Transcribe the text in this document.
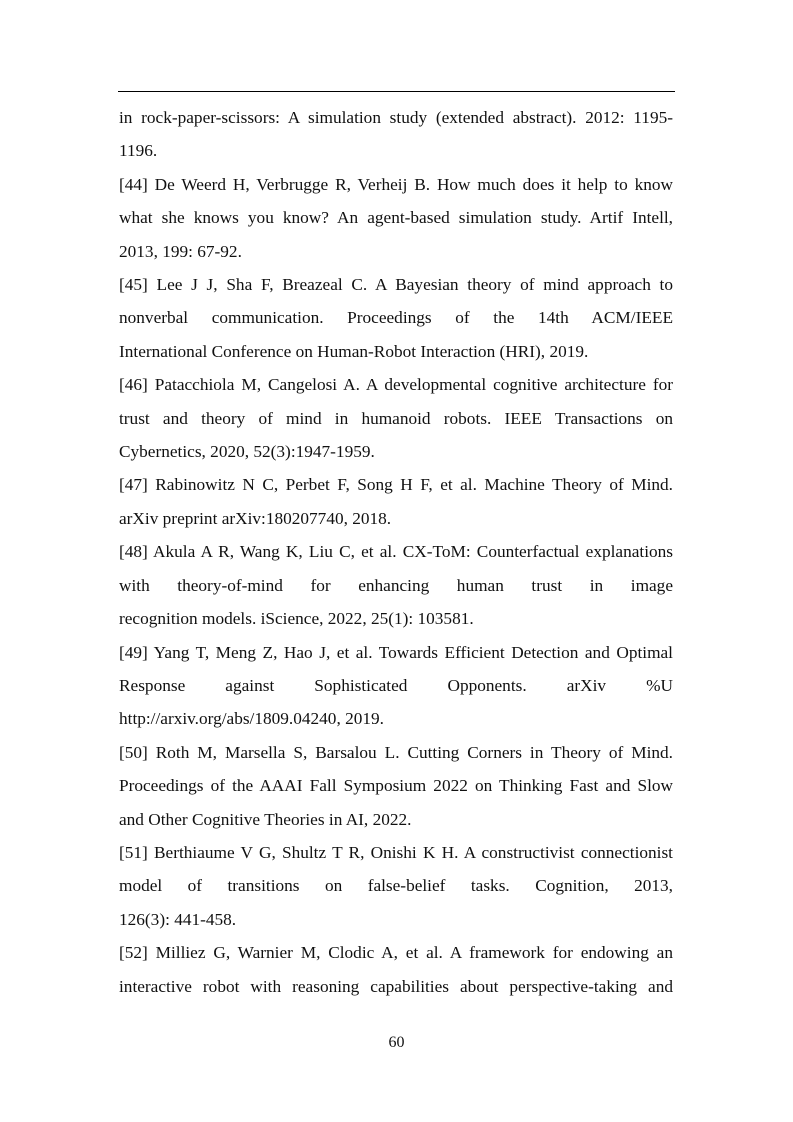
in rock-paper-scissors: A simulation study (extended abstract). 2012: 1195-
1196.

[44] De Weerd H, Verbrugge R, Verheij B. How much does it help to know what she knows you know? An agent-based simulation study. Artif Intell,
2013, 199: 67-92.

[45] Lee J J, Sha F, Breazeal C. A Bayesian theory of mind approach to nonverbal communication. Proceedings of the 14th ACM/IEEE
International Conference on Human-Robot Interaction (HRI), 2019.

[46] Patacchiola M, Cangelosi A. A developmental cognitive architecture for trust and theory of mind in humanoid robots. IEEE Transactions on
Cybernetics, 2020, 52(3):1947-1959.

[47] Rabinowitz N C, Perbet F, Song H F, et al. Machine Theory of Mind.
arXiv preprint arXiv:180207740, 2018.

[48] Akula A R, Wang K, Liu C, et al. CX-ToM: Counterfactual explanations with theory-of-mind for enhancing human trust in image
recognition models. iScience, 2022, 25(1): 103581.

[49] Yang T, Meng Z, Hao J, et al. Towards Efficient Detection and Optimal Response against Sophisticated Opponents. arXiv %U
http://arxiv.org/abs/1809.04240, 2019.

[50] Roth M, Marsella S, Barsalou L. Cutting Corners in Theory of Mind. Proceedings of the AAAI Fall Symposium 2022 on Thinking Fast and Slow
and Other Cognitive Theories in AI, 2022.

[51] Berthiaume V G, Shultz T R, Onishi K H. A constructivist connectionist model of transitions on false-belief tasks. Cognition, 2013,
126(3): 441-458.

[52] Milliez G, Warnier M, Clodic A, et al. A framework for endowing an interactive robot with reasoning capabilities about perspective-taking and

60
